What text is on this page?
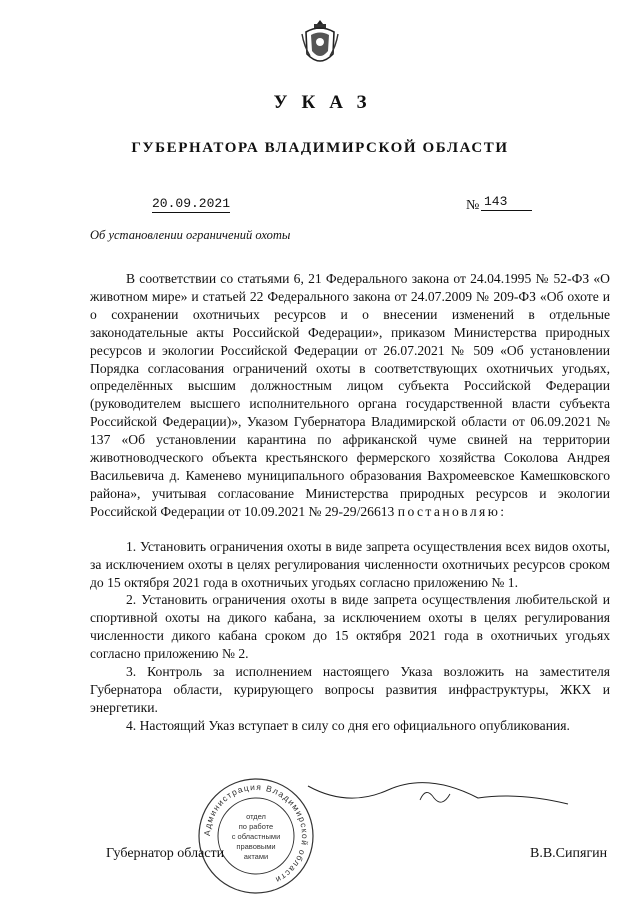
УКАЗ
ГУБЕРНАТОРА ВЛАДИМИРСКОЙ ОБЛАСТИ
20.09.2021	№ 143
Об установлении ограничений охоты

В соответствии со статьями 6, 21 Федерального закона от 24.04.1995 № 52-ФЗ «О животном мире» и статьей 22 Федерального закона от 24.07.2009 № 209-ФЗ «Об охоте и о сохранении охотничьих ресурсов и о внесении изменений в отдельные законодательные акты Российской Федерации», приказом Министерства природных ресурсов и экологии Российской Федерации от 26.07.2021 № 509 «Об установлении Порядка согласования ограничений охоты в соответствующих охотничьих угодьях, определённых высшим должностным лицом субъекта Российской Федерации (руководителем высшего исполнительного органа государственной власти субъекта Российской Федерации)», Указом Губернатора Владимирской области от 06.09.2021 № 137 «Об установлении карантина по африканской чуме свиней на территории животноводческого объекта крестьянского фермерского хозяйства Соколова Андрея Васильевича д. Каменево муниципального образования Вахромеевское Камешковского района», учитывая согласование Министерства природных ресурсов и экологии Российской Федерации от 10.09.2021 № 29-29/26613 постановляю:

1. Установить ограничения охоты в виде запрета осуществления всех видов охоты, за исключением охоты в целях регулирования численности охотничьих ресурсов сроком до 15 октября 2021 года в охотничьих угодьях согласно приложению № 1.

2. Установить ограничения охоты в виде запрета осуществления любительской и спортивной охоты на дикого кабана, за исключением охоты в целях регулирования численности дикого кабана сроком до 15 октября 2021 года в охотничьих угодьях согласно приложению № 2.

3. Контроль за исполнением настоящего Указа возложить на заместителя Губернатора области, курирующего вопросы развития инфраструктуры, ЖКХ и энергетики.

4. Настоящий Указ вступает в силу со дня его официального опубликования.

Администрация Владимирской области
отдел
по работе
с областными
правовыми
актами
Губернатор области	В.В.Сипягин
